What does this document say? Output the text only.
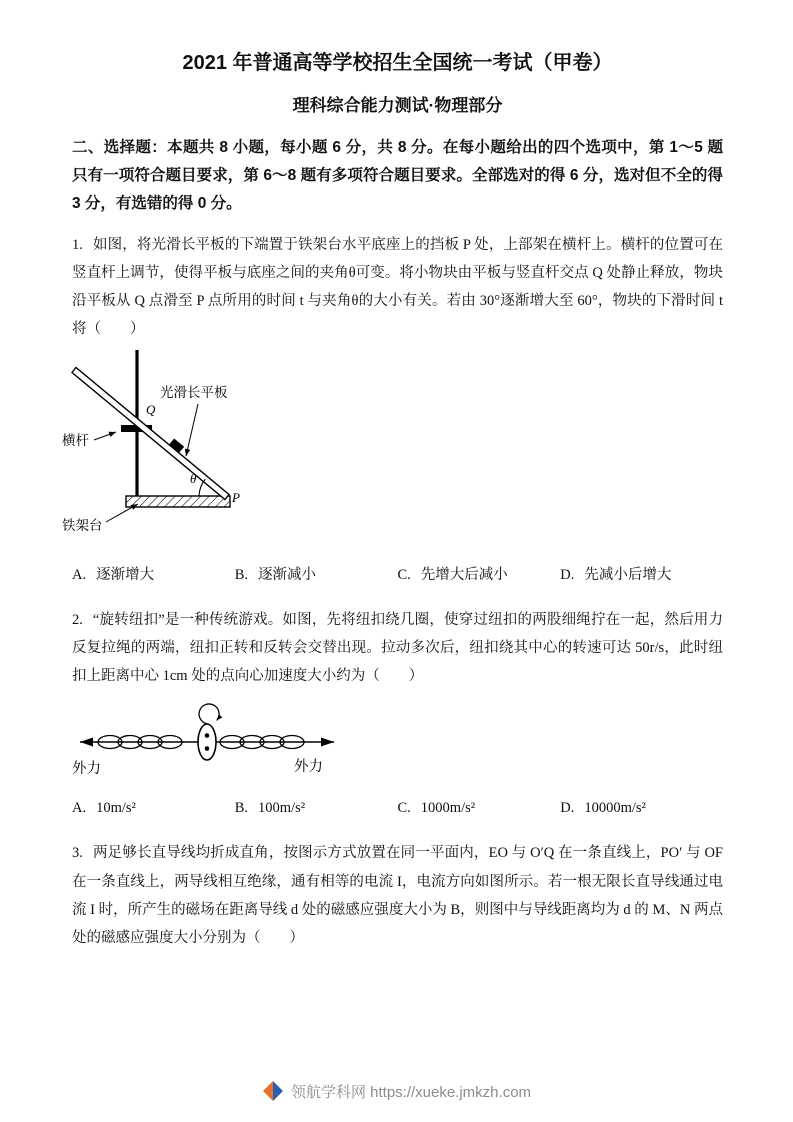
2021 年普通高等学校招生全国统一考试（甲卷）
理科综合能力测试·物理部分

二、选择题：本题共 8 小题，每小题 6 分，共 8 分。在每小题给出的四个选项中，第 1～5 题只有一项符合题目要求，第 6～8 题有多项符合题目要求。全部选对的得 6 分，选对但不全的得 3 分，有选错的得 0 分。

1. 如图，将光滑长平板的下端置于铁架台水平底座上的挡板 P 处，上部架在横杆上。横杆的位置可在竖直杆上调节，使得平板与底座之间的夹角θ可变。将小物块由平板与竖直杆交点 Q 处静止释放，物块沿平板从 Q 点滑至 P 点所用的时间 t 与夹角θ的大小有关。若由 30°逐渐增大至 60°，物块的下滑时间 t 将（　　）

θ
Q
P
光滑长平板
横杆
铁架台
A. 逐渐增大	B. 逐渐减小	C. 先增大后减小	D. 先减小后增大

2. “旋转纽扣”是一种传统游戏。如图，先将纽扣绕几圈，使穿过纽扣的两股细绳拧在一起，然后用力反复拉绳的两端，纽扣正转和反转会交替出现。拉动多次后，纽扣绕其中心的转速可达 50r/s，此时纽扣上距离中心 1cm 处的点向心加速度大小约为（　　）

外力	外力
A. 10m/s²	B. 100m/s²	C. 1000m/s²	D. 10000m/s²

3. 两足够长直导线均折成直角，按图示方式放置在同一平面内，EO 与 O′Q 在一条直线上，PO′ 与 OF 在一条直线上，两导线相互绝缘，通有相等的电流 I，电流方向如图所示。若一根无限长直导线通过电流 I 时，所产生的磁场在距离导线 d 处的磁感应强度大小为 B，则图中与导线距离均为 d 的 M、N 两点处的磁感应强度大小分别为（　　）

领航学科网 https://xueke.jmkzh.com
